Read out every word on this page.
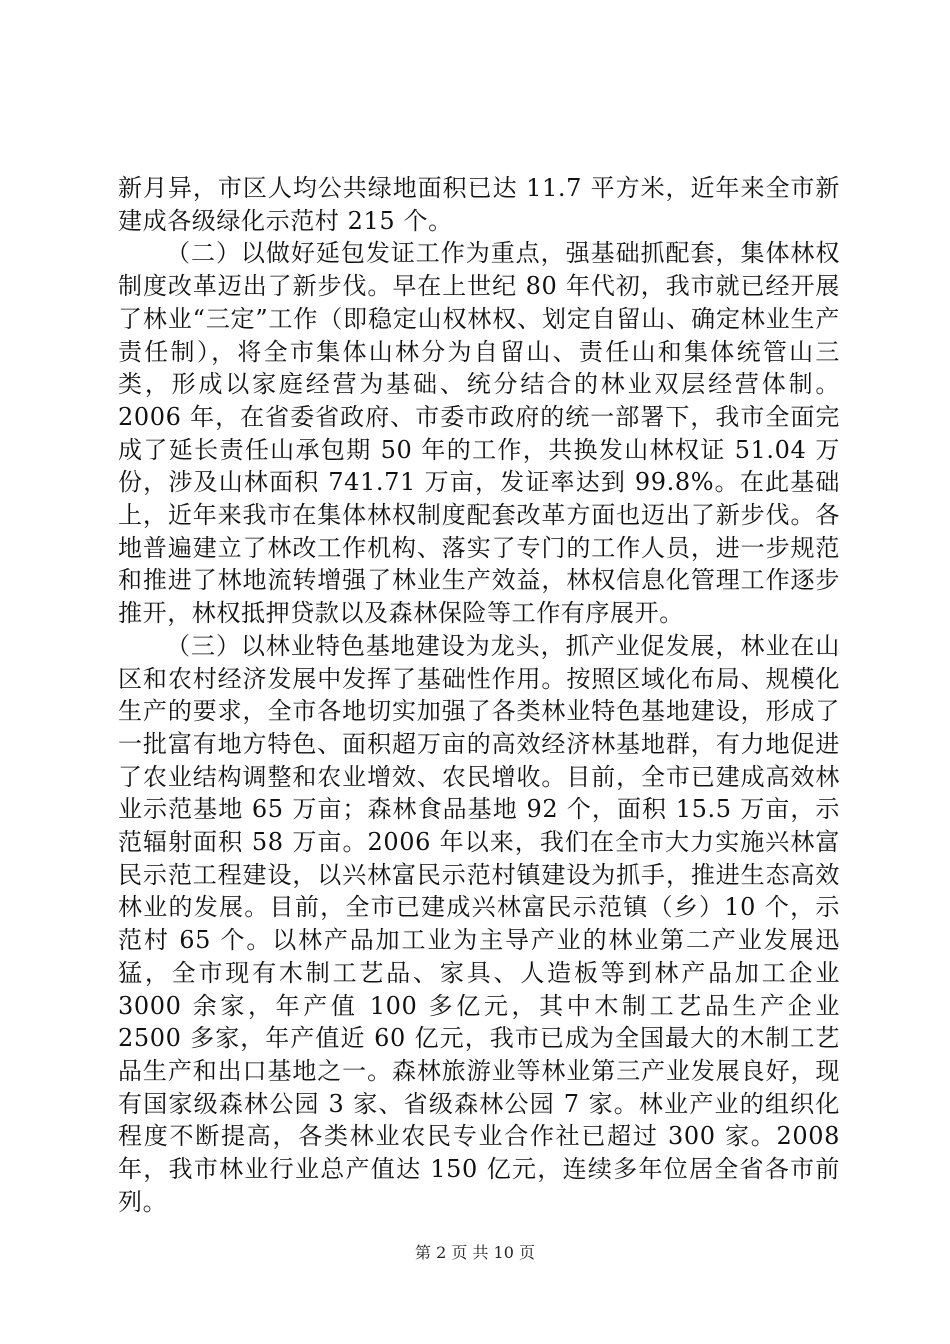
新月异，市区人均公共绿地面积已达 11.7 平方米，近年来全市新建成各级绿化示范村 215 个。

（二）以做好延包发证工作为重点，强基础抓配套，集体林权制度改革迈出了新步伐。早在上世纪 80 年代初，我市就已经开展了林业“三定”工作（即稳定山权林权、划定自留山、确定林业生产责任制），将全市集体山林分为自留山、责任山和集体统管山三类，形成以家庭经营为基础、统分结合的林业双层经营体制。2006 年，在省委省政府、市委市政府的统一部署下，我市全面完成了延长责任山承包期 50 年的工作，共换发山林权证 51.04 万份，涉及山林面积 741.71 万亩，发证率达到 99.8%。在此基础上，近年来我市在集体林权制度配套改革方面也迈出了新步伐。各地普遍建立了林改工作机构、落实了专门的工作人员，进一步规范和推进了林地流转增强了林业生产效益，林权信息化管理工作逐步推开，林权抵押贷款以及森林保险等工作有序展开。

（三）以林业特色基地建设为龙头，抓产业促发展，林业在山区和农村经济发展中发挥了基础性作用。按照区域化布局、规模化生产的要求，全市各地切实加强了各类林业特色基地建设，形成了一批富有地方特色、面积超万亩的高效经济林基地群，有力地促进了农业结构调整和农业增效、农民增收。目前，全市已建成高效林业示范基地 65 万亩；森林食品基地 92 个，面积 15.5 万亩，示范辐射面积 58 万亩。2006 年以来，我们在全市大力实施兴林富民示范工程建设，以兴林富民示范村镇建设为抓手，推进生态高效林业的发展。目前，全市已建成兴林富民示范镇（乡）10 个，示范村 65 个。以林产品加工业为主导产业的林业第二产业发展迅猛，全市现有木制工艺品、家具、人造板等到林产品加工企业 3000 余家，年产值 100 多亿元，其中木制工艺品生产企业 2500 多家，年产值近 60 亿元，我市已成为全国最大的木制工艺品生产和出口基地之一。森林旅游业等林业第三产业发展良好，现有国家级森林公园 3 家、省级森林公园 7 家。林业产业的组织化程度不断提高，各类林业农民专业合作社已超过 300 家。2008 年，我市林业行业总产值达 150 亿元，连续多年位居全省各市前列。

第 2 页 共 10 页
